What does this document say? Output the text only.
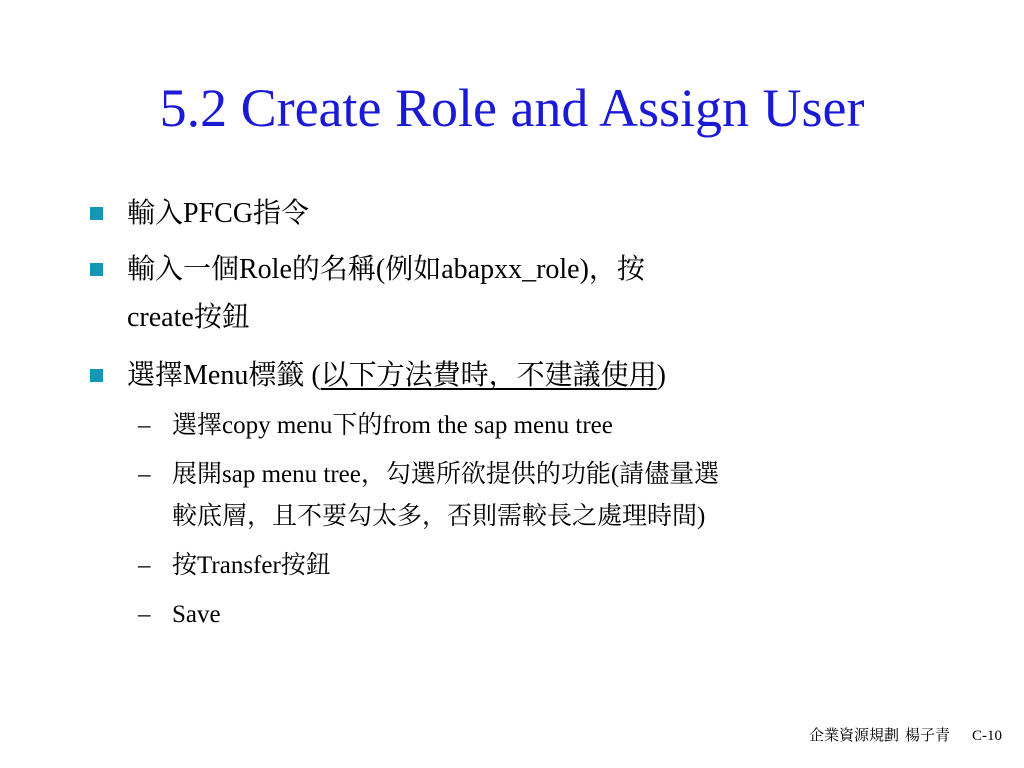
5.2 Create Role and Assign User
輸入PFCG指令
輸入一個Role的名稱(例如abapxx_role)，按
create按鈕
選擇Menu標籤 (以下方法費時，不建議使用)
– 選擇copy menu下的from the sap menu tree
– 展開sap menu tree，勾選所欲提供的功能(請儘量選
較底層，且不要勾太多，否則需較長之處理時間)
– 按Transfer按鈕
– Save
企業資源規劃 楊子青 C-10
